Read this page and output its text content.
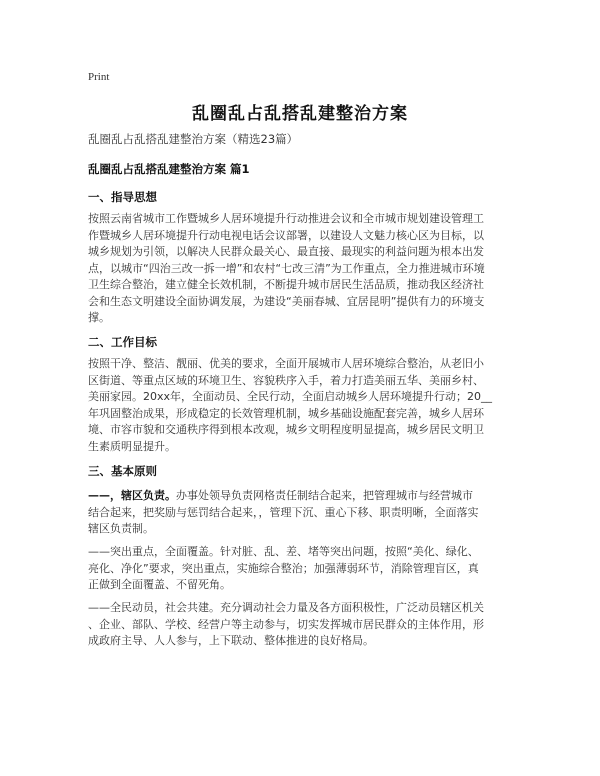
Print
乱圈乱占乱搭乱建整治方案
乱圈乱占乱搭乱建整治方案（精选23篇）
乱圈乱占乱搭乱建整治方案 篇1
一、指导思想
按照云南省城市工作暨城乡人居环境提升行动推进会议和全市城市规划建设管理工
作暨城乡人居环境提升行动电视电话会议部署，以建设人文魅力核心区为目标，以
城乡规划为引领，以解决人民群众最关心、最直接、最现实的利益问题为根本出发
点，以城市“四治三改一拆一增”和农村“七改三清”为工作重点，全力推进城市环境
卫生综合整治，建立健全长效机制，不断提升城市居民生活品质，推动我区经济社
会和生态文明建设全面协调发展，为建设“美丽春城、宜居昆明”提供有力的环境支
撑。
二、工作目标
按照干净、整洁、靓丽、优美的要求，全面开展城市人居环境综合整治，从老旧小
区街道、等重点区域的环境卫生、容貌秩序入手，着力打造美丽五华、美丽乡村、
美丽家园。20xx年，全面动员、全民行动，全面启动城乡人居环境提升行动；20__
年巩固整治成果，形成稳定的长效管理机制，城乡基础设施配套完善，城乡人居环
境、市容市貌和交通秩序得到根本改观，城乡文明程度明显提高，城乡居民文明卫
生素质明显提升。
三、基本原则
——，辖区负责。办事处领导负责网格责任制结合起来，把管理城市与经营城市
结合起来，把奖励与惩罚结合起来，，管理下沉、重心下移、职责明晰，全面落实
辖区负责制。
——突出重点，全面覆盖。针对脏、乱、差、堵等突出问题，按照“美化、绿化、
亮化、净化”要求，突出重点，实施综合整治；加强薄弱环节，消除管理盲区，真
正做到全面覆盖、不留死角。
——全民动员，社会共建。充分调动社会力量及各方面积极性，广泛动员辖区机关
、企业、部队、学校、经营户等主动参与，切实发挥城市居民群众的主体作用，形
成政府主导、人人参与，上下联动、整体推进的良好格局。
